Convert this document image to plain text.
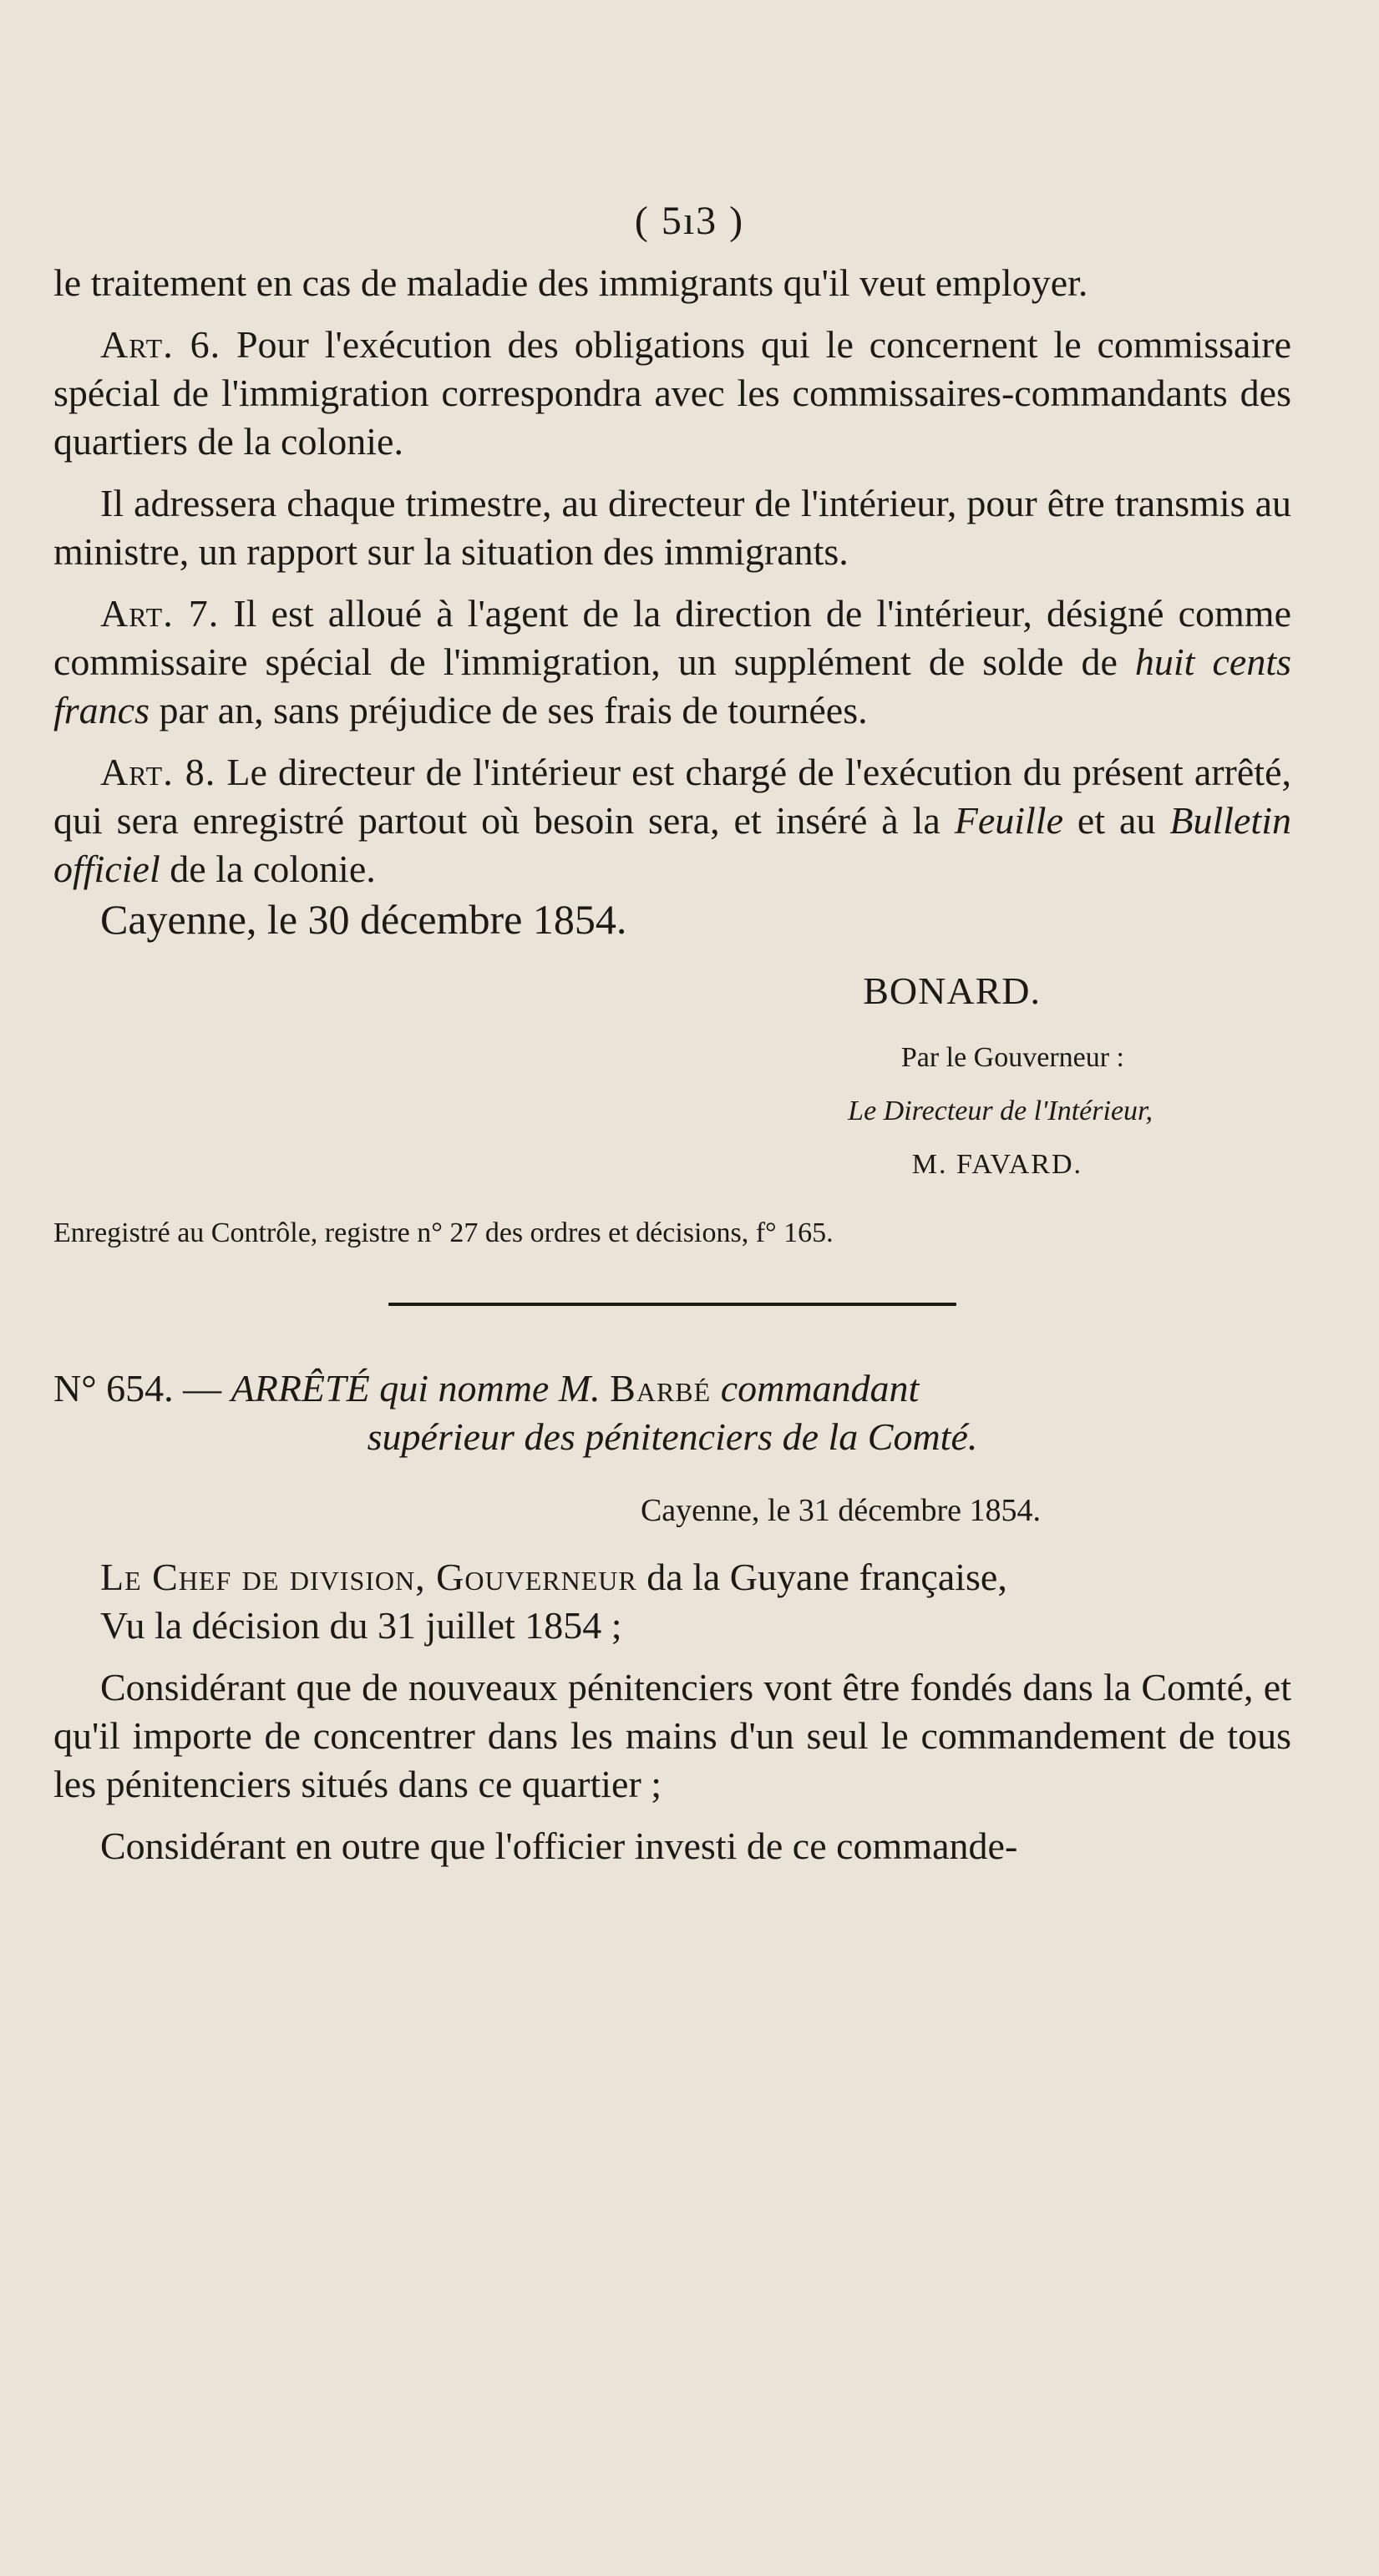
( 5ı3 )

le traitement en cas de maladie des immigrants qu'il veut employer.

Art. 6. Pour l'exécution des obligations qui le concernent le commissaire spécial de l'immigration correspondra avec les commissaires-commandants des quartiers de la colonie.

Il adressera chaque trimestre, au directeur de l'intérieur, pour être transmis au ministre, un rapport sur la situation des immigrants.

Art. 7. Il est alloué à l'agent de la direction de l'intérieur, désigné comme commissaire spécial de l'immigration, un supplément de solde de huit cents francs par an, sans préjudice de ses frais de tournées.

Art. 8. Le directeur de l'intérieur est chargé de l'exécution du présent arrêté, qui sera enregistré partout où besoin sera, et inséré à la Feuille et au Bulletin officiel de la colonie.

Cayenne, le 30 décembre 1854.

BONARD.

Par le Gouverneur :

Le Directeur de l'Intérieur,

M. FAVARD.

Enregistré au Contrôle, registre n° 27 des ordres et décisions, f° 165.

N° 654. — ARRÊTÉ qui nomme M. Barbé commandant

supérieur des pénitenciers de la Comté.

Cayenne, le 31 décembre 1854.

Le Chef de division, Gouverneur da la Guyane française,

Vu la décision du 31 juillet 1854 ;

Considérant que de nouveaux pénitenciers vont être fondés dans la Comté, et qu'il importe de concentrer dans les mains d'un seul le commandement de tous les pénitenciers situés dans ce quartier ;

Considérant en outre que l'officier investi de ce commande-
